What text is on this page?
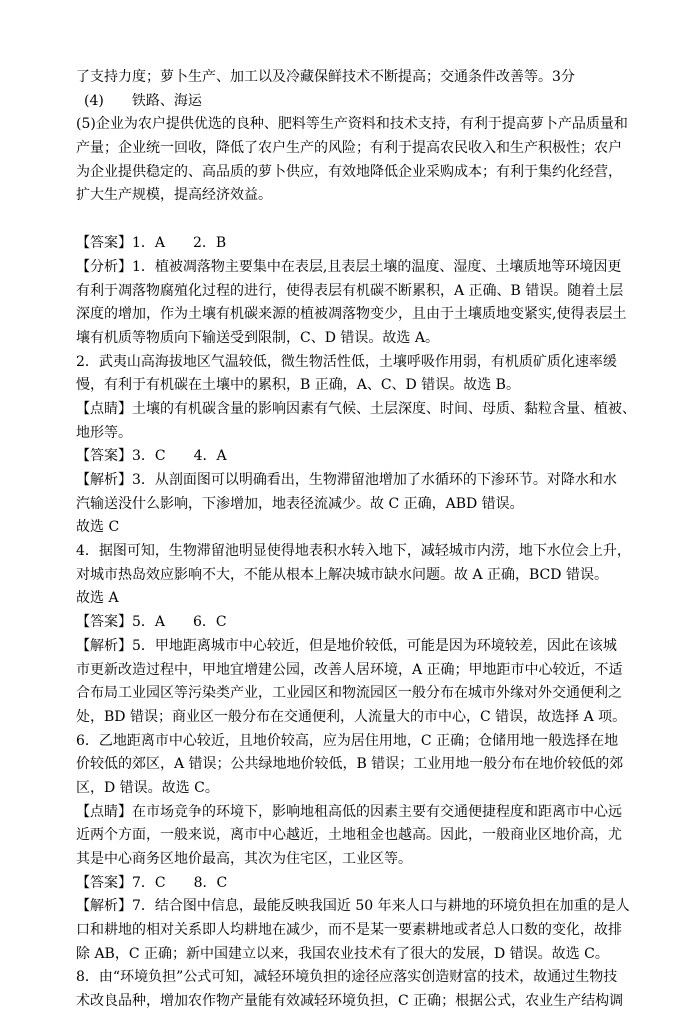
了支持力度；萝卜生产、加工以及冷藏保鲜技术不断提高；交通条件改善等。3分
(4)　　铁路、海运
(5)企业为农户提供优选的良种、肥料等生产资料和技术支持，有利于提高萝卜产品质量和
产量；企业统一回收，降低了农户生产的风险；有利于提高农民收入和生产积极性；农户
为企业提供稳定的、高品质的萝卜供应，有效地降低企业采购成本；有利于集约化经营，
扩大生产规模，提高经济效益。
【答案】1．A　　2．B
【分析】1．植被凋落物主要集中在表层,且表层土壤的温度、湿度、土壤质地等环境因更
有利于凋落物腐殖化过程的进行，使得表层有机碳不断累积，A 正确、B 错误。随着土层
深度的增加，作为土壤有机碳来源的植被凋落物变少，且由于土壤质地变紧实,使得表层土
壤有机质等物质向下输送受到限制，C、D 错误。故选 A。
2．武夷山高海拔地区气温较低，微生物活性低，土壤呼吸作用弱，有机质矿质化速率缓
慢，有利于有机碳在土壤中的累积，B 正确，A、C、D 错误。故选 B。
【点睛】土壤的有机碳含量的影响因素有气候、土层深度、时间、母质、黏粒含量、植被、
地形等。
【答案】3．C　　4．A
【解析】3．从剖面图可以明确看出，生物滞留池增加了水循环的下渗环节。对降水和水
汽输送没什么影响，下渗增加，地表径流减少。故 C 正确，ABD 错误。
故选 C
4．据图可知，生物滞留池明显使得地表积水转入地下，减轻城市内涝，地下水位会上升，
对城市热岛效应影响不大，不能从根本上解决城市缺水问题。故 A 正确，BCD 错误。
故选 A
【答案】5．A　　6．C
【解析】5．甲地距离城市中心较近，但是地价较低，可能是因为环境较差，因此在该城
市更新改造过程中，甲地宜增建公园，改善人居环境，A 正确；甲地距市中心较近，不适
合布局工业园区等污染类产业，工业园区和物流园区一般分布在城市外缘对外交通便利之
处，BD 错误；商业区一般分布在交通便利，人流量大的市中心，C 错误，故选择 A 项。
6．乙地距离市中心较近，且地价较高，应为居住用地，C 正确；仓储用地一般选择在地
价较低的郊区，A 错误；公共绿地地价较低，B 错误；工业用地一般分布在地价较低的郊
区，D 错误。故选 C。
【点睛】在市场竞争的环境下，影响地租高低的因素主要有交通便捷程度和距离市中心远
近两个方面，一般来说，离市中心越近，土地租金也越高。因此，一般商业区地价高，尤
其是中心商务区地价最高，其次为住宅区，工业区等。
【答案】7．C　　8．C
【解析】7．结合图中信息，最能反映我国近 50 年来人口与耕地的环境负担在加重的是人
口和耕地的相对关系即人均耕地在减少，而不是某一要素耕地或者总人口数的变化，故排
除 AB，C 正确；新中国建立以来，我国农业技术有了很大的发展，D 错误。故选 C。
8．由“环境负担”公式可知，减轻环境负担的途径应落实创造财富的技术，故通过生物技
术改良品种，增加农作物产量能有效减轻环境负担，C 正确；根据公式，农业生产结构调
